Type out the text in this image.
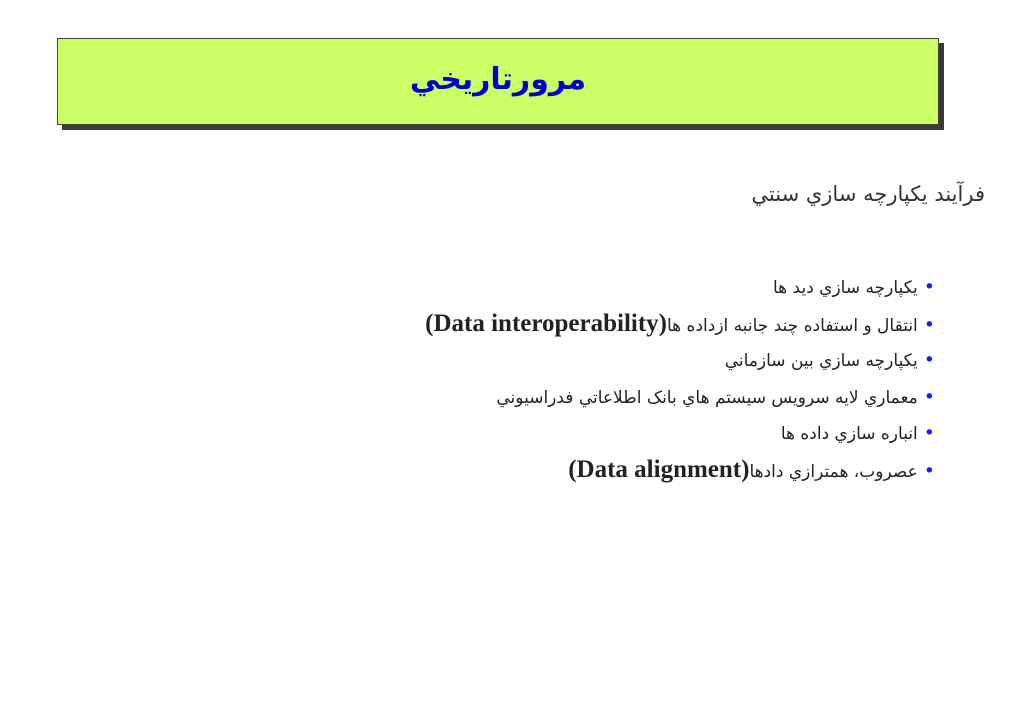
مرورتاريخي
فرآيند يکپارچه سازي سنتي
•
يکپارچه سازي ديد ها
•
انتقال و استفاده چند جانبه ازداده ها
(Data interoperability)
•
يکپارچه سازي بين سازماني
•
معماري لايه سرويس سيستم هاي بانک اطلاعاتي فدراسيوني
•
انباره سازي داده ها
•
عصروب، همترازي دادها
(Data alignment)
